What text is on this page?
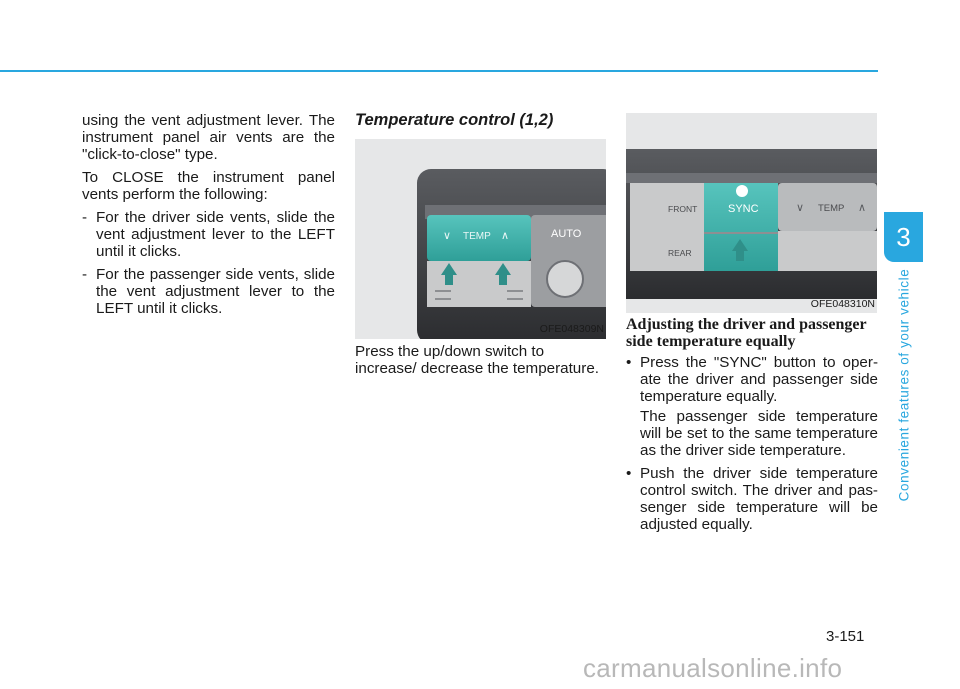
3
Convenient features of your vehicle

using the vent adjustment lever. The instrument panel air vents are the "click-to-close" type.

To CLOSE the instrument panel vents perform the following:

- For the driver side vents, slide the vent adjustment lever to the LEFT until it clicks.
- For the passenger side vents, slide the vent adjustment lever to the LEFT until it clicks.
Temperature control (1,2)
∨ TEMP ∧	AUTO
OFE048309N

Press the up/down switch to increase/ decrease the temperature.

FRONT
REAR
SYNC	∨ TEMP ∧
OFE048310N
Adjusting the driver and passenger side temperature equally
• Press the "SYNC" button to oper- ate the driver and passenger side temperature equally.

The passenger side temperature will be set to the same temperature as the driver side temperature.

• Push the driver side temperature control switch. The driver and pas- senger side temperature will be adjusted equally.
3-151
carmanualsonline.info
